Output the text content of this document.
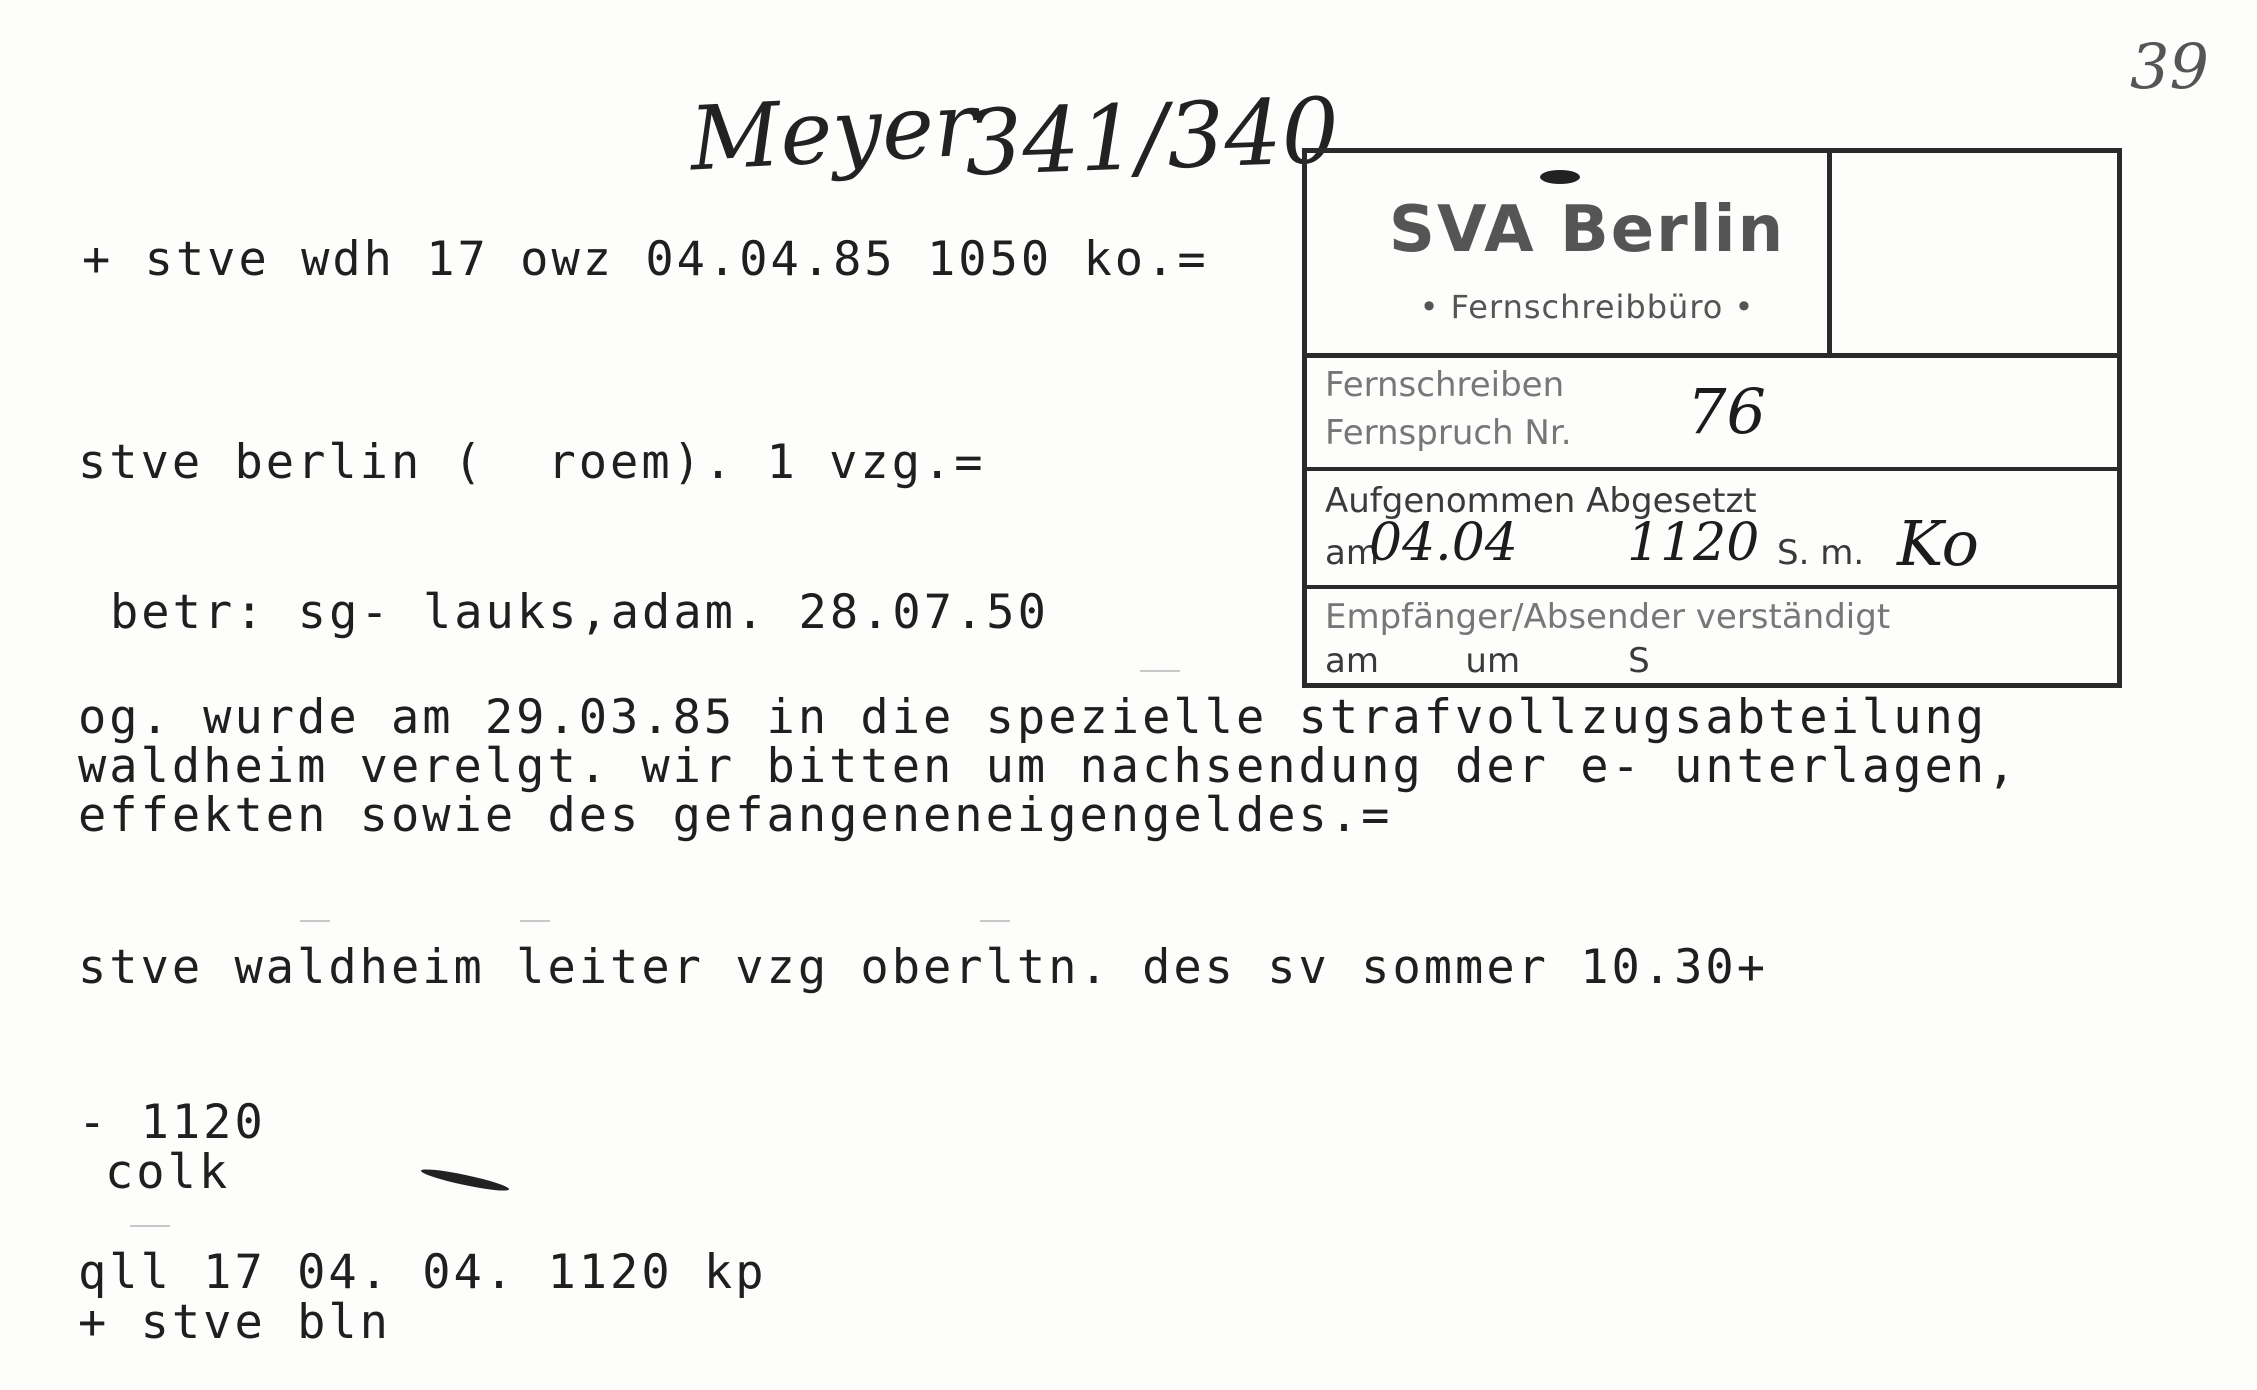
39
Meyer
341/340
+ stve wdh 17 owz 04.04.85 1050 ko.=
stve berlin (  roem). 1 vzg.=
betr: sg- lauks,adam. 28.07.50
og. wurde am 29.03.85 in die spezielle strafvollzugsabteilung
waldheim verelgt. wir bitten um nachsendung der e- unterlagen,
effekten sowie des gefangeneneigengeldes.=
stve waldheim leiter vzg oberltn. des sv sommer 10.30+
- 1120
colk
qll 17 04. 04. 1120 kp
+ stve bln
SVA Berlin
• Fernschreibbüro •
Fernschreiben
Fernspruch Nr. 76
Aufgenommen Abgesetzt
am
04.04 1120 S. m. Ko
Empfänger/Absender verständigt
am        um          S
